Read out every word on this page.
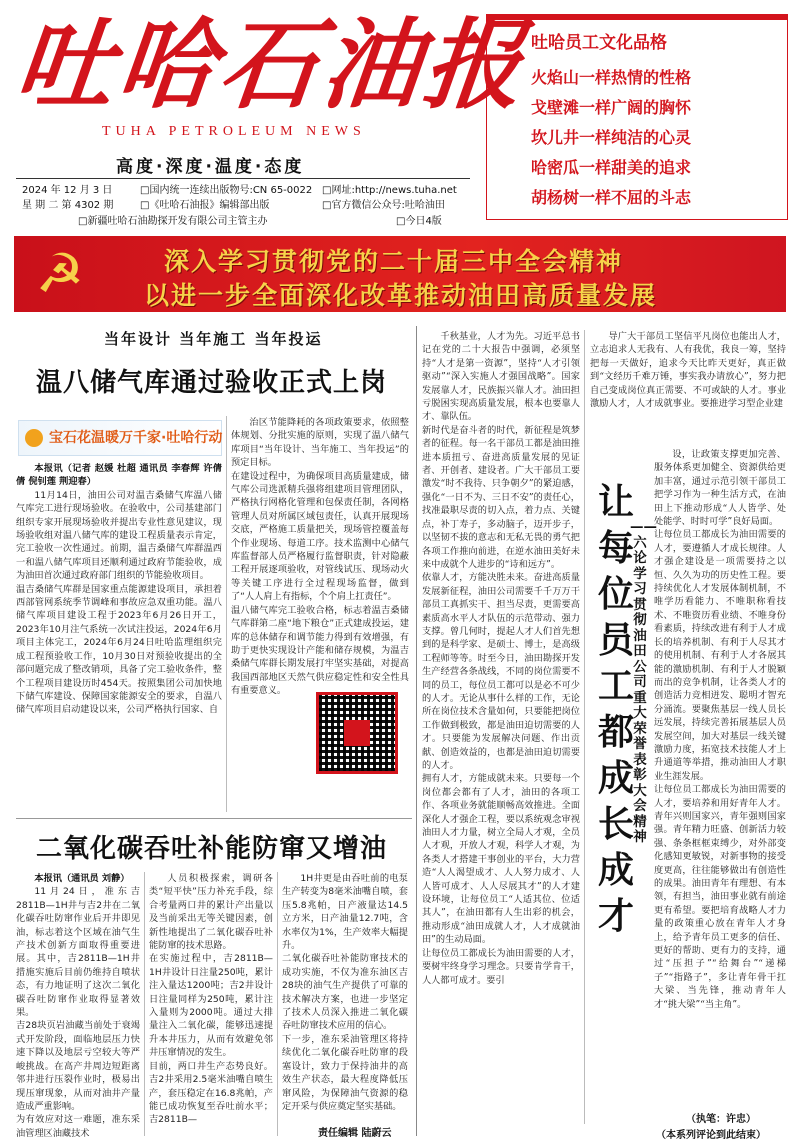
吐哈石油报
TUHA PETROLEUM NEWS
高度·深度·温度·态度
2024 年 12 月 3 日	□国内统一连续出版物号:CN 65-0022 □网址:http://news.tuha.net
星 期 二 第 4302 期	□《吐哈石油报》编辑部出版	□官方微信公众号:吐哈油田
□新疆吐哈石油勘探开发有限公司主管主办	□今日4版
吐哈员工文化品格
火焰山一样热情的性格
戈壁滩一样广阔的胸怀
坎儿井一样纯洁的心灵
哈密瓜一样甜美的追求
胡杨树一样不屈的斗志
☭	深入学习贯彻党的二十届三中全会精神
以进一步全面深化改革推动油田高质量发展
当年设计 当年施工 当年投运
温八储气库通过验收正式上岗
宝石花温暖万千家·吐哈行动

本报讯（记者 赵媛 杜超 通讯员 李春辉 许倩倩 倪钊莲 荆迎春）

11月14日，油田公司对温吉桑储气库温八储气库完工进行现场验收。在验收中，公司基建部门组织专家开展现场验收并提出专业性意见建议，现场验收组对温八储气库的建设工程质量表示肯定，完工验收一次性通过。前期，温吉桑储气库群温西一和温八储气库项目还顺利通过政府节能验收，成为油田首次通过政府部门组织的节能验收项目。
温吉桑储气库群是国家重点能源建设项目，承担着西部管网系统季节调峰和事故应急双重功能。温八储气库项目建设工程于2023年6月26日开工，2023年10月注气系统一次试注投运，2024年6月项目主体完工，2024年6月24日吐哈监理组织完成工程预验收工作，10月30日对预验收提出的全部问题完成了整改销项，具备了完工验收条件，整个工程项目建设历时454天。按照集团公司加快地下储气库建设、保障国家能源安全的要求，自温八储气库项目启动建设以来，公司严格执行国家、自

治区节能降耗的各项政策要求，依照整体规划、分批实施的原则，实现了温八储气库项目“当年设计、当年施工、当年投运”的预定目标。
在建设过程中，为确保项目高质量建成，储气库公司选派精兵强将组建项目管理团队，严格执行网格化管理和包保责任制，各网格管理人员对所属区域包责任，认真开展现场交底，严格施工质量把关，现场管控覆盖每个作业现场、每道工序。技术监测中心储气库监督部人员严格履行监督职责，针对隐蔽工程开展逐项验收，对管线试压、现场动火等关键工序进行全过程现场监督，做到了“人人肩上有指标，个个肩上扛责任”。
温八储气库完工验收合格，标志着温吉桑储气库群第二座“地下粮仓”正式建成投运，建库的总体储存和调节能力得到有效增强，有助于更快实现设计产能和储存规模，为温吉桑储气库群长期发展打牢坚实基础，对提高我国西部地区天然气供应稳定性和安全性具有重要意义。

二氧化碳吞吐补能防窜又增油

本报讯（通讯员 刘静）

11月24日，准东吉2811B—1H井与吉2井在二氧化碳吞吐防窜作业后开井即见油，标志着这个区域在油气生产技术创新方面取得重要进展。其中，吉2811B—1H井措施实施后目前仍维持自喷状态，有力地证明了这次二氧化碳吞吐防窜作业取得显著效果。
吉28块页岩油藏当前处于衰竭式开发阶段，面临地层压力快速下降以及地层亏空较大等严峻挑战。在高产井周边短距离邻井进行压裂作业时，极易出现压窜现象，从而对油井产量造成严重影响。
为有效应对这一难题，准东采油管理区油藏技术

人员积极探索，调研各类“短平快”压力补充手段，综合考量两口井的累计产出量以及当前采出无等关键因素，创新性地提出了二氧化碳吞吐补能防窜的技术思路。
在实施过程中，吉2811B—1H井设计日注量250吨，累计注入量达1200吨；吉2井设计日注量同样为250吨，累计注入量则为2000吨。通过大排量注入二氧化碳，能够迅速提升本井压力，从而有效避免邻井压窜情况的发生。
目前，两口井生产态势良好。吉2井采用2.5毫米油嘴自喷生产，套压稳定在16.8兆帕，产能已成功恢复至吞吐前水平；吉2811B—

1H井更是由吞吐前的电泵生产转变为8毫米油嘴自喷，套压5.8兆帕，日产液量达14.5立方米，日产油量12.7吨，含水率仅为1%，生产效率大幅提升。
二氧化碳吞吐补能防窜技术的成功实施，不仅为准东油区吉28块的油气生产提供了可靠的技术解决方案，也进一步坚定了技术人员深入推进二氧化碳吞吐防窜技术应用的信心。
下一步，准东采油管理区将持续优化二氧化碳吞吐防窜的段塞设计，致力于保持油井的高效生产状态，最大程度降低压窜风险，为保障油气资源的稳定开采与供应奠定坚实基础。

责任编辑 陆蔚云

千秋基业，人才为先。习近平总书记在党的二十大报告中强调，必须坚持“人才是第一资源”，坚持“人才引领驱动”“深入实施人才强国战略”。国家发展靠人才，民族振兴靠人才。油田担亏脱困实现高质量发展，根本也要靠人才、靠队伍。
新时代是奋斗者的时代，新征程是筑梦者的征程。每一名干部员工都是油田推进本质扭亏、奋进高质量发展的见证者、开创者、建设者。广大干部员工要激发“时不我待、只争朝夕”的紧迫感，强化“一日不为、三日不安”的责任心，找准最职尽责的切入点，着力点、关键点，补丁寿子，多动脑子，迈开步子，以坚韧不拔的意志和无私无畏的勇气把各项工作推向前进，在逆水油田美好未来中成就个人进步的“诗和远方”。
依靠人才，方能决胜未来。奋进高质量发展新征程，油田公司需要千千万万干部员工真抓实干、担当尽责，更需要高素质高水平人才队伍的示范带动、强力支撑。曾几何时，提起人才人们首先想到的是科学家、是硕士、博士，是高级工程师等等。时至今日，油田勘探开发生产经营各条战线，不同的岗位需要不同的员工，每位员工都可以是必不可少的人才。无论从事什么样的工作，无论所在岗位技术含量如何，只要能把岗位工作做到极致，都是油田迫切需要的人才。只要能为发展解决问题、作出贡献、创造效益的，也都是油田迫切需要的人才。
拥有人才，方能成就未来。只要每一个岗位都会都有了人才，油田的各项工作、各项业务就能顺畅高效推进。全面深化人才强企工程，要以系统观念审视油田人才力量，树立全局人才观，全员人才观，开放人才观，科学人才观，为各类人才搭建干事创业的平台，大力营造“人人渴望成才、人人努力成才、人人皆可成才、人人尽展其才”的人才建设环境，让每位员工“人适其位、位适其人”，在油田都有人生出彩的机会，推动形成“油田成就人才，人才成就油田”的生动局面。
让每位员工都成长为油田需要的人才，要树牢终身学习理念。只要肯学肯干，人人都可成才。要引

导广大干部员工坚信平凡岗位也能出人才，立志追求人无我有、人有我优，我良一筹，坚持把每一天做好，追求今天比昨天更好，真正做到“文经历千难万锤，事实我办请放心”，努力把自己变成岗位真正需要、不可或缺的人才。事业激励人才，人才成就事业。要推进学习型企业建

让每位员工都成长成才
——六论学习贯彻油田公司重大荣誉表彰大会精神

设，让政策支撑更加完善、服务体系更加健全、资源供给更加丰富，通过示范引领干部员工把学习作为一种生活方式，在油田上下推动形成“人人皆学、处处能学、时时可学”良好局面。
让每位员工都成长为油田需要的人才，要遵循人才成长规律。人才强企建设是一项需要持之以恒、久久为功的历史性工程。要持续优化人才发展体制机制，不唯学历看能力、不唯职称看技术、不唯资历看业绩、不唯身份看素质，持续改进有利于人才成长的培养机制、有利于人尽其才的使用机制、有利于人才各展其能的激励机制、有利于人才脱颖而出的竞争机制，让各类人才的创造活力竞相迸发、聪明才智充分涌流。要聚焦基层一线人员长远发展，持续完善拓展基层人员发展空间，加大对基层一线关键激励力度，拓宽技术技能人才上升通道等举措，推动油田人才职业生涯发展。
让每位员工都成长为油田需要的人才，要培养和用好青年人才。青年兴则国家兴，青年强则国家强。青年精力旺盛、创新活力较强、条条框框束缚少，对外部变化感知更敏锐，对新事物的接受度更高，往往能够做出有创造性的成果。油田青年有理想、有本领，有担当，油田事业就有前途更有希望。要把培育战略人才力量的政策重心放在青年人才身上，给予青年员工更多的信任、更好的帮助、更有力的支持，通过“压担子”“给舞台”“递梯子”“指路子”，多让青年骨干扛大梁、当先锋，推动青年人才“挑大梁”“当主角”。

（执笔：许忠）
（本系列评论到此结束）
